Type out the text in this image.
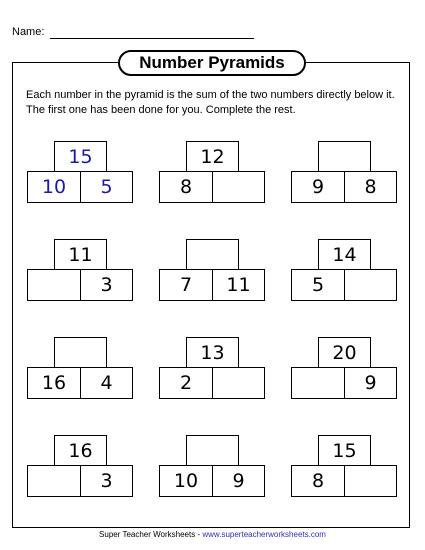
Name:
Number Pyramids
Each number in the pyramid is the sum of the two numbers directly below it. The first one has been done for you. Complete the rest.
15
10	5
12
8	9	8
11
3	7	11
14
5
16	4
13
2
20
9
16
3	10	9
15
8
Super Teacher Worksheets - www.superteacherworksheets.com
